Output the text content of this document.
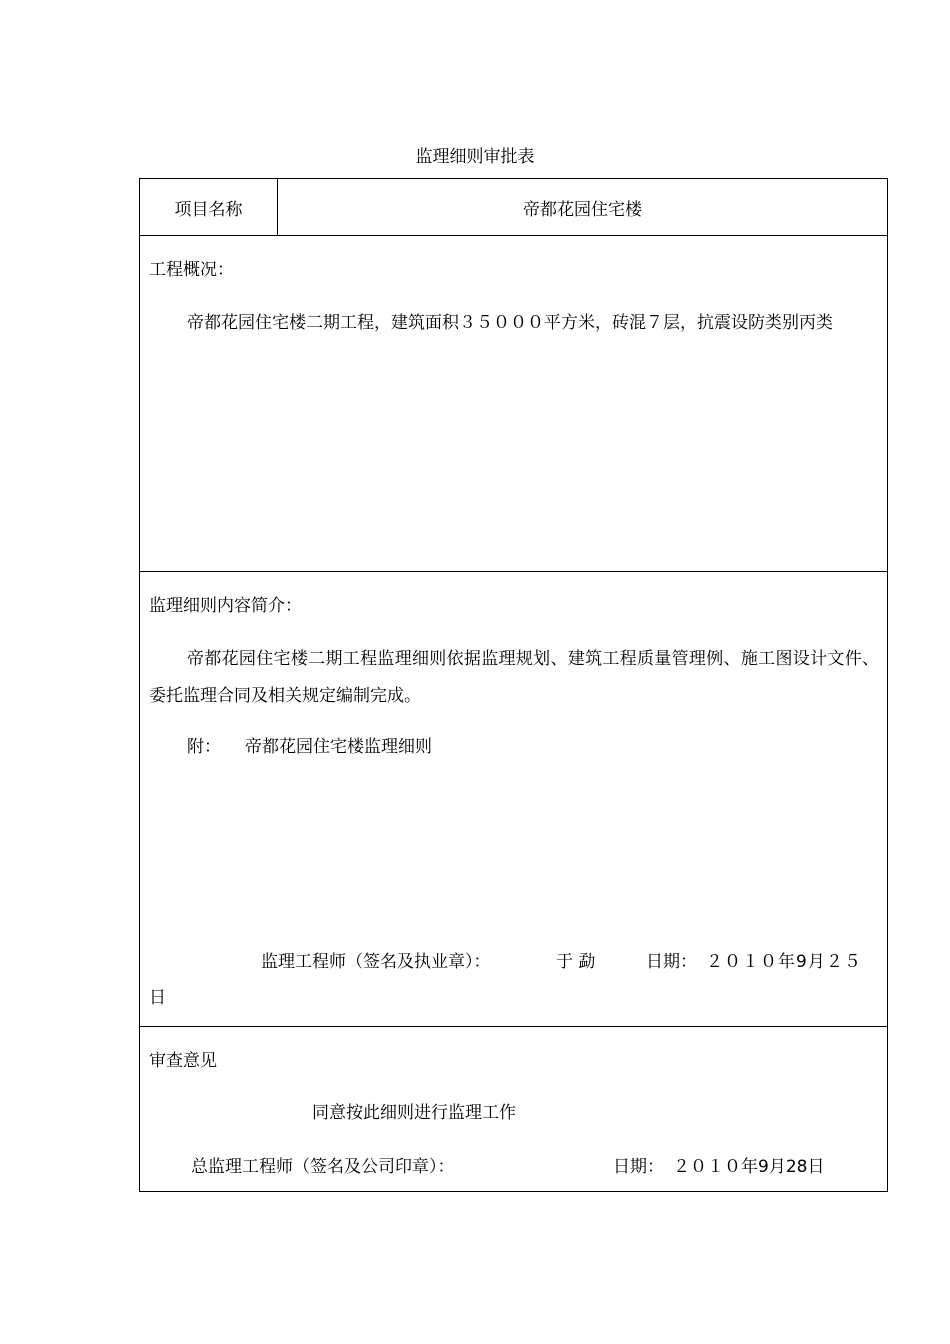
监理细则审批表
项目名称	帝都花园住宅楼
工程概况：
帝都花园住宅楼二期工程，建筑面积３５０００平方米，砖混７层，抗震设防类别丙类
监理细则内容简介：
帝都花园住宅楼二期工程监理细则依据监理规划、建筑工程质量管理例、施工图设计文件、委托监理合同及相关规定编制完成。
附： 帝都花园住宅楼监理细则
监理工程师（签名及执业章）：	于 勐	日期： ２０１０年9月２５
日
审查意见
同意按此细则进行监理工作
总监理工程师（签名及公司印章）：	日期： ２０１０年9月28日
